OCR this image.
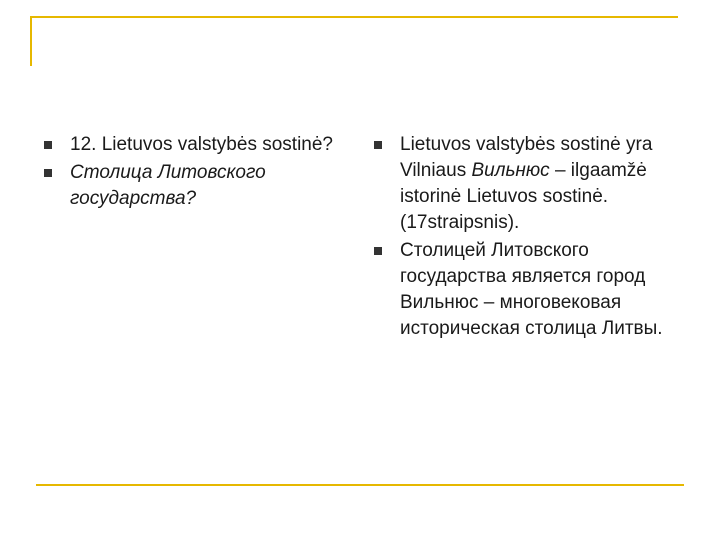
12. Lietuvos valstybės sostinė?
Столица Литовского государства?
Lietuvos valstybės sostinė yra Vilniaus Вильнюс – ilgaamžė istorinė Lietuvos sostinė. (17straipsnis).
Столицей Литовского государства является город Вильнюс – многовековая историческая столица Литвы.
